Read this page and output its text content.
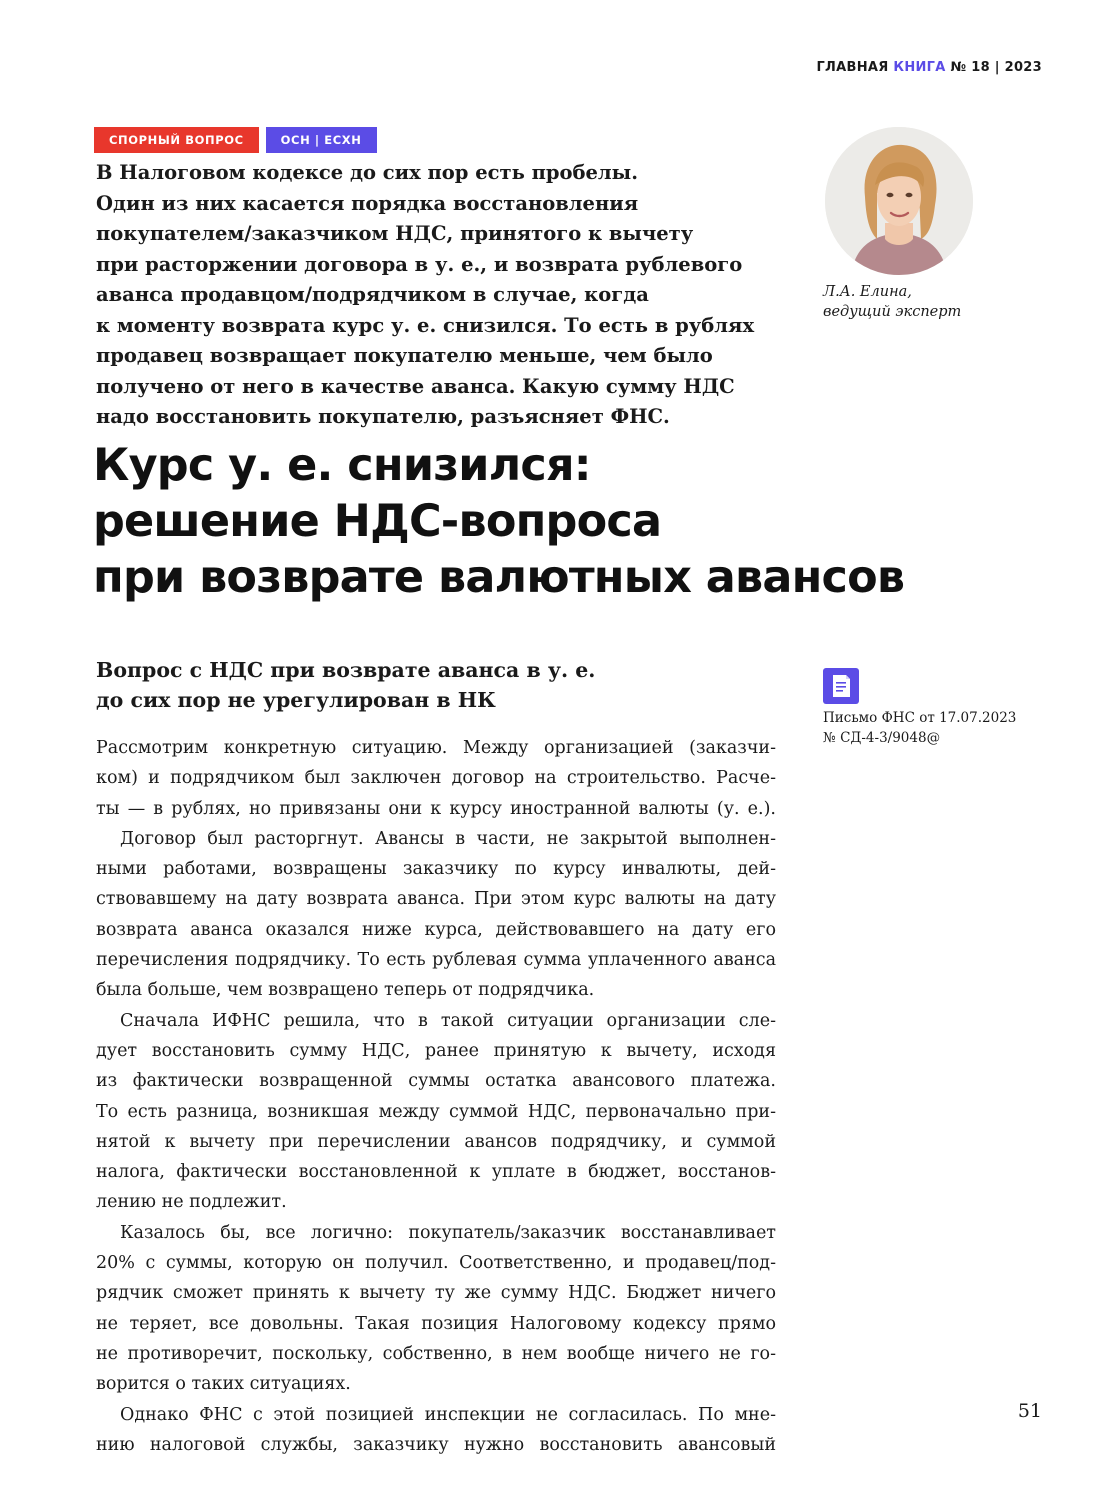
ГЛАВНАЯ КНИГА № 18 | 2023
СПОРНЫЙ ВОПРОС	ОСН | ЕСХН

В Налоговом кодексе до сих пор есть пробелы.
Один из них касается порядка восстановления
покупателем/заказчиком НДС, принятого к вычету
при расторжении договора в у. е., и возврата рублевого
аванса продавцом/подрядчиком в случае, когда
к моменту возврата курс у. е. снизился. То есть в рублях
продавец возвращает покупателю меньше, чем было
получено от него в качестве аванса. Какую сумму НДС
надо восстановить покупателю, разъясняет ФНС.

Л.А. Елина,
ведущий эксперт
Курс у. е. снизился:
решение НДС-вопроса
при возврате валютных авансов
Вопрос с НДС при возврате аванса в у. е.
до сих пор не урегулирован в НК
Письмо ФНС от 17.07.2023
№ СД-4-3/9048@
Рассмотрим конкретную ситуацию. Между организацией (заказчи-
ком) и подрядчиком был заключен договор на строительство. Расче-
ты — в рублях, но привязаны они к курсу иностранной валюты (у. е.).
Договор был расторгнут. Авансы в части, не закрытой выполнен-
ными работами, возвращены заказчику по курсу инвалюты, дей-
ствовавшему на дату возврата аванса. При этом курс валюты на дату
возврата аванса оказался ниже курса, действовавшего на дату его
перечисления подрядчику. То есть рублевая сумма уплаченного аванса
была больше, чем возвращено теперь от подрядчика.
Сначала ИФНС решила, что в такой ситуации организации сле-
дует восстановить сумму НДС, ранее принятую к вычету, исходя
из фактически возвращенной суммы остатка авансового платежа.
То есть разница, возникшая между суммой НДС, первоначально при-
нятой к вычету при перечислении авансов подрядчику, и суммой
налога, фактически восстановленной к уплате в бюджет, восстанов-
лению не подлежит.
Казалось бы, все логично: покупатель/заказчик восстанавливает
20% с суммы, которую он получил. Соответственно, и продавец/под-
рядчик сможет принять к вычету ту же сумму НДС. Бюджет ничего
не теряет, все довольны. Такая позиция Налоговому кодексу прямо
не противоречит, поскольку, собственно, в нем вообще ничего не го-
ворится о таких ситуациях.
Однако ФНС с этой позицией инспекции не согласилась. По мне-
нию налоговой службы, заказчику нужно восстановить авансовый
51
